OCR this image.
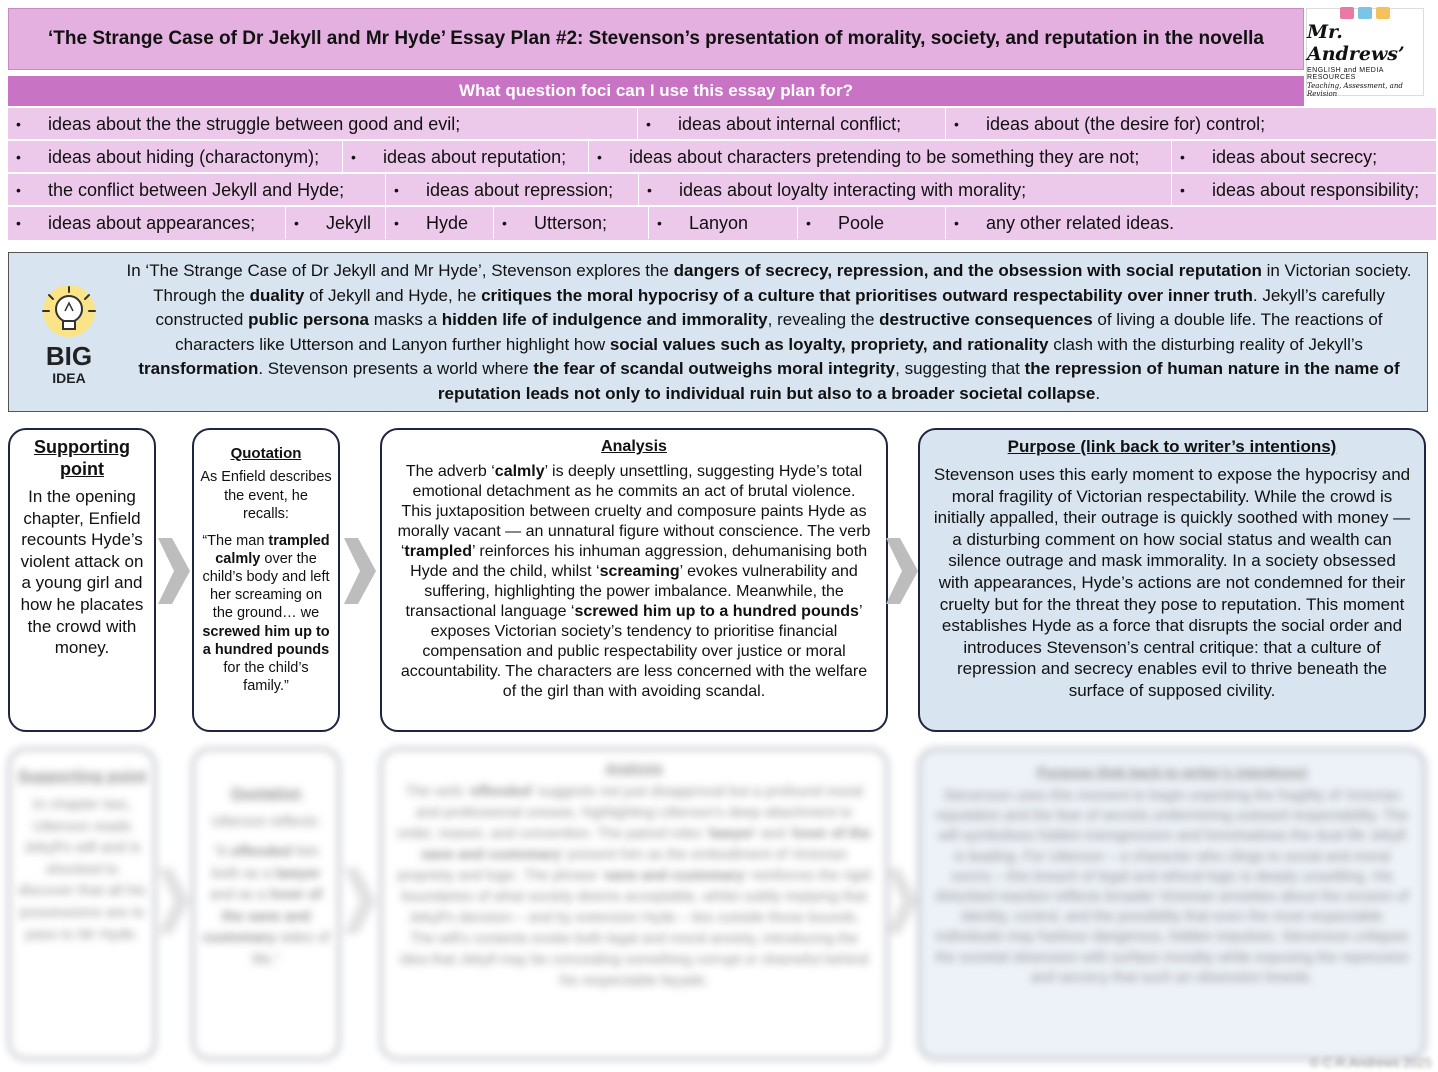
‘The Strange Case of Dr Jekyll and Mr Hyde’ Essay Plan #2: Stevenson’s presentation of morality, society, and reputation in the novella	Mr. Andrews’
ENGLISH and MEDIA RESOURCES
Teaching, Assessment, and Revision
What question foci can I use this essay plan for?
•	ideas about the the struggle between good and evil;	•	ideas about internal conflict;	•	ideas about (the desire for) control;
•	ideas about hiding (charactonym); •	ideas about reputation; •	ideas about characters pretending to be something they are not;	•	ideas about secrecy;
•	the conflict between Jekyll and Hyde;	•	ideas about repression; •	ideas about loyalty interacting with morality;	•	ideas about responsibility;
•	ideas about appearances;	•	Jekyll •	Hyde •	Utterson;	•	Lanyon	•	Poole	•	any other related ideas.
BIG
IDEA
In ‘The Strange Case of Dr Jekyll and Mr Hyde’, Stevenson explores the dangers of secrecy, repression, and the obsession with social reputation in Victorian society. Through the duality of Jekyll and Hyde, he critiques the moral hypocrisy of a culture that prioritises outward respectability over inner truth. Jekyll’s carefully constructed public persona masks a hidden life of indulgence and immorality, revealing the destructive consequences of living a double life. The reactions of characters like Utterson and Lanyon further highlight how social values such as loyalty, propriety, and rationality clash with the disturbing reality of Jekyll’s transformation. Stevenson presents a world where the fear of scandal outweighs moral integrity, suggesting that the repression of human nature in the name of reputation leads not only to individual ruin but also to a broader societal collapse.
Supporting point
In the opening chapter, Enfield recounts Hyde’s violent attack on a young girl and how he placates the crowd with money.
Quotation
As Enfield describes the event, he recalls:
“The man trampled calmly over the child’s body and left her screaming on the ground… we screwed him up to a hundred pounds for the child’s family.”
Analysis
The adverb ‘calmly’ is deeply unsettling, suggesting Hyde’s total emotional detachment as he commits an act of brutal violence. This juxtaposition between cruelty and composure paints Hyde as morally vacant — an unnatural figure without conscience. The verb ‘trampled’ reinforces his inhuman aggression, dehumanising both Hyde and the child, whilst ‘screaming’ evokes vulnerability and suffering, highlighting the power imbalance. Meanwhile, the transactional language ‘screwed him up to a hundred pounds’ exposes Victorian society’s tendency to prioritise financial compensation and public respectability over justice or moral accountability. The characters are less concerned with the welfare of the girl than with avoiding scandal.
Purpose (link back to writer’s intentions)
Stevenson uses this early moment to expose the hypocrisy and moral fragility of Victorian respectability. While the crowd is initially appalled, their outrage is quickly soothed with money — a disturbing comment on how social status and wealth can silence outrage and mask immorality. In a society obsessed with appearances, Hyde’s actions are not condemned for their cruelty but for the threat they pose to reputation. This moment establishes Hyde as a force that disrupts the social order and introduces Stevenson’s central critique: that a culture of repression and secrecy enables evil to thrive beneath the surface of supposed civility.
Supporting point
In chapter two, Utterson reads Jekyll’s will and is shocked to discover that all his possessions are to pass to Mr Hyde.
Quotation
Utterson reflects:
“It offended him both as a lawyer and as a lover of the sane and customary sides of life.”
Analysis
The verb ‘offended’ suggests not just disapproval but a profound moral and professional unease, highlighting Utterson’s deep attachment to order, reason, and convention. The paired roles ‘lawyer’ and ‘lover of the sane and customary’ present him as the embodiment of Victorian propriety and logic. The phrase ‘sane and customary’ reinforces the rigid boundaries of what society deems acceptable, whilst subtly implying that Jekyll’s decision – and by extension Hyde – lies outside those bounds. The will’s contents evoke both legal and moral anxiety, introducing the idea that Jekyll may be concealing something corrupt or shameful behind his respectable façade.
Purpose (link back to writer’s intentions)
Stevenson uses this moment to begin unpicking the fragility of Victorian reputation and the fear of secrets undermining outward respectability. The will symbolises hidden transgression and foreshadows the dual life Jekyll is leading. For Utterson – a character who clings to social and moral norms – this breach of legal and ethical logic is deeply unsettling. His disturbed reaction reflects broader Victorian anxieties about the erosion of identity, control, and the possibility that even the most respectable individuals may harbour dangerous, hidden impulses. Stevenson critiques the societal obsession with surface morality while exposing the repression and secrecy that such an obsession breeds.
© C.R.Andrews 2025
